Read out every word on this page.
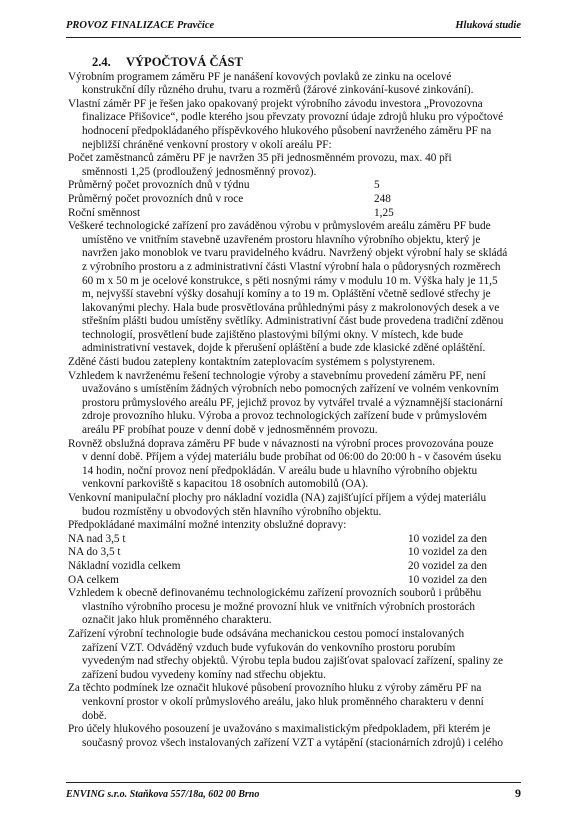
PROVOZ FINALIZACE Pravčice	Hluková studie
2.4. VÝPOČTOVÁ ČÁST

Výrobním programem záměru PF je nanášení kovových povlaků ze zinku na ocelové
konstrukční díly různého druhu, tvaru a rozměrů (žárové zinkování-kusové zinkování).

Vlastní záměr PF je řešen jako opakovaný projekt výrobního závodu investora „Provozovna
finalizace Přišovice“, podle kterého jsou převzaty provozní údaje zdrojů hluku pro výpočtové
hodnocení předpokládaného příspěvkového hlukového působení navrženého záměru PF na
nejbližší chráněné venkovní prostory v okolí areálu PF:

Počet zaměstnanců záměru PF je navržen 35 při jednosměnném provozu, max. 40 při
směnnosti 1,25 (prodloužený jednosměnný provoz).

Průměrný počet provozních dnů v týdnu	5
Průměrný počet provozních dnů v roce	248
Roční směnnost	1,25

Veškeré technologické zařízení pro zaváděnou výrobu v průmyslovém areálu záměru PF bude
umístěno ve vnitřním stavebně uzavřeném prostoru hlavního výrobního objektu, který je
navržen jako monoblok ve tvaru pravidelného kvádru. Navržený objekt výrobní haly se skládá
z výrobního prostoru a z administrativní části Vlastní výrobní hala o půdorysných rozměrech
60 m x 50 m je ocelové konstrukce, s pěti nosnými rámy v modulu 10 m. Výška haly je 11,5
m, nejvyšší stavební výšky dosahují komíny a to 19 m. Opláštění včetně sedlové střechy je
lakovanými plechy. Hala bude prosvětlována průhlednými pásy z makrolonových desek a ve
střešním plášti budou umístěny světlíky. Administrativní část bude provedena tradiční zděnou
technologií, prosvětlení bude zajištěno plastovými bílými okny. V místech, kde bude
administrativní vestavek, dojde k přerušení opláštění a bude zde klasické zděné opláštění.

Zděné části budou zatepleny kontaktním zateplovacím systémem s polystyrenem.

Vzhledem k navrženému řešení technologie výroby a stavebnímu provedení záměru PF, není
uvažováno s umístěním žádných výrobních nebo pomocných zařízení ve volném venkovním
prostoru průmyslového areálu PF, jejichž provoz by vytvářel trvalé a významnější stacionární
zdroje provozního hluku. Výroba a provoz technologických zařízení bude v průmyslovém
areálu PF probíhat pouze v denní době v jednosměnném provozu.

Rovněž obslužná doprava záměru PF bude v návaznosti na výrobní proces provozována pouze
v denní době. Příjem a výdej materiálu bude probíhat od 06:00 do 20:00 h - v časovém úseku
14 hodin, noční provoz není předpokládán. V areálu bude u hlavního výrobního objektu
venkovní parkoviště s kapacitou 18 osobních automobilů (OA).

Venkovní manipulační plochy pro nákladní vozidla (NA) zajišťující příjem a výdej materiálu
budou rozmístěny u obvodových stěn hlavního výrobního objektu.

Předpokládané maximální možné intenzity obslužné dopravy:

NA nad 3,5 t	10 vozidel za den
NA do 3,5 t	10 vozidel za den
Nákladní vozidla celkem	20 vozidel za den
OA celkem	10 vozidel za den

Vzhledem k obecně definovanému technologickému zařízení provozních souborů i průběhu
vlastního výrobního procesu je možné provozní hluk ve vnitřních výrobních prostorách
označit jako hluk proměnného charakteru.

Zařízení výrobní technologie bude odsávána mechanickou cestou pomocí instalovaných
zařízení VZT. Odváděný vzduch bude vyfukován do venkovního prostoru porubím
vyvedeným nad střechy objektů. Výrobu tepla budou zajišťovat spalovací zařízení, spaliny ze
zařízení budou vyvedeny komíny nad střechu objektu.

Za těchto podmínek lze označit hlukové působení provozního hluku z výroby záměru PF na
venkovní prostor v okolí průmyslového areálu, jako hluk proměnného charakteru v denní
době.

Pro účely hlukového posouzení je uvažováno s maximalistickým předpokladem, při kterém je
současný provoz všech instalovaných zařízení VZT a vytápění (stacionárních zdrojů) i celého

ENVING s.r.o. Staňkova 557/18a, 602 00 Brno	9
